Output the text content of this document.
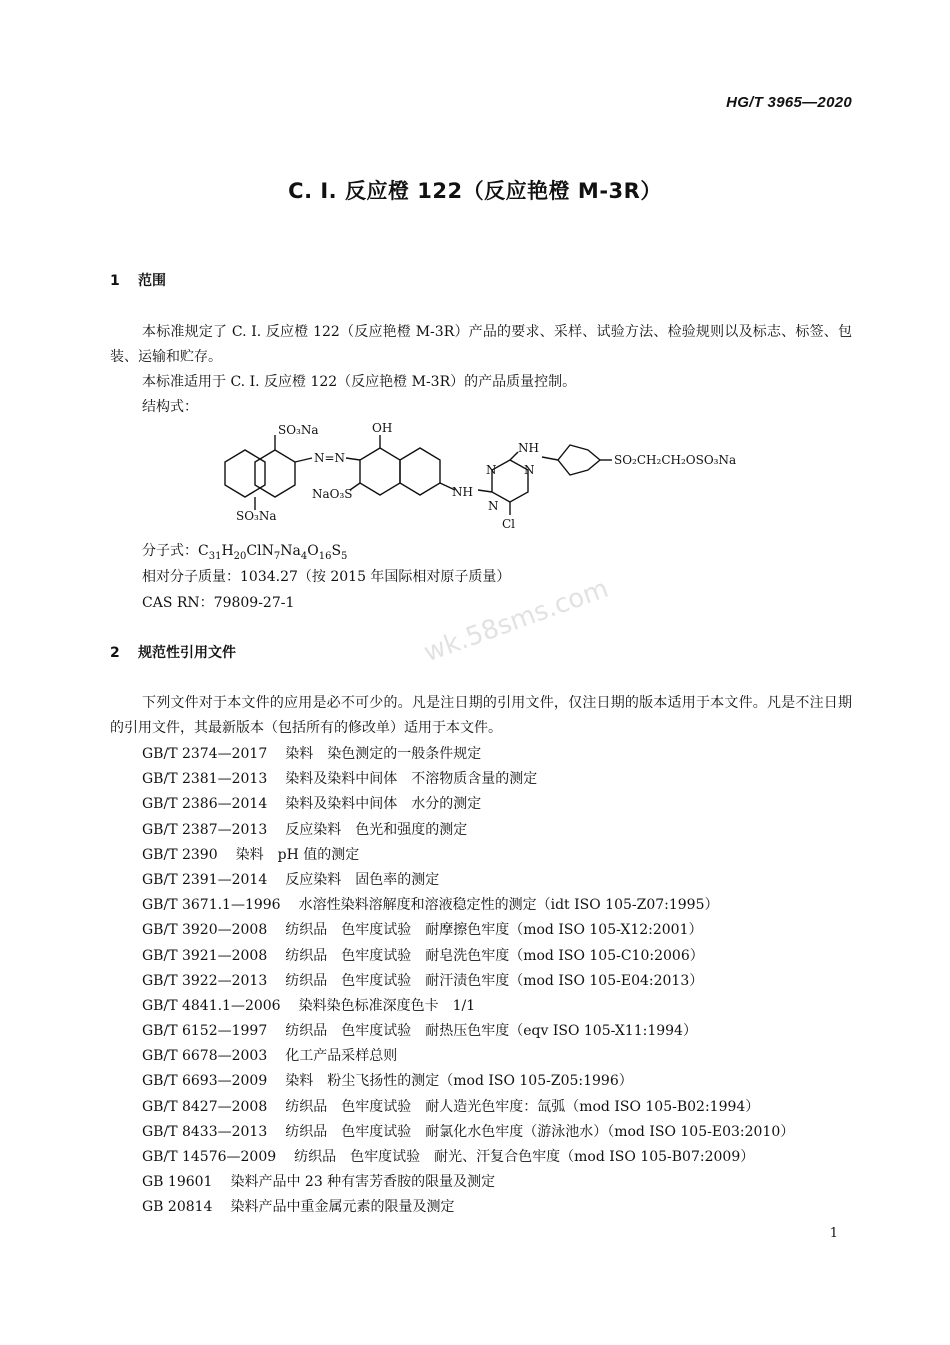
HG/T 3965—2020
C. I. 反应橙 122（反应艳橙 M-3R）
1 范围
本标准规定了 C. I. 反应橙 122（反应艳橙 M-3R）产品的要求、采样、试验方法、检验规则以及标志、标签、包装、运输和贮存。
本标准适用于 C. I. 反应橙 122（反应艳橙 M-3R）的产品质量控制。
结构式：
SO₃Na	OH
N=N
NH
SO₂CH₂CH₂OSO₃Na
NaO₃S	NH
SO₃Na
Cl
N N
N
分子式：$C_{31}H_{20}ClN_7Na_4O_{16}S_5$
相对分子质量：1034.27（按 2015 年国际相对原子质量）
CAS RN：79809-27-1
2 规范性引用文件
下列文件对于本文件的应用是必不可少的。凡是注日期的引用文件，仅注日期的版本适用于本文件。凡是不注日期的引用文件，其最新版本（包括所有的修改单）适用于本文件。
GB/T 2374—2017 染料　染色测定的一般条件规定
GB/T 2381—2013 染料及染料中间体　不溶物质含量的测定
GB/T 2386—2014 染料及染料中间体　水分的测定
GB/T 2387—2013 反应染料　色光和强度的测定
GB/T 2390 染料　pH 值的测定
GB/T 2391—2014 反应染料　固色率的测定
GB/T 3671.1—1996 水溶性染料溶解度和溶液稳定性的测定（idt ISO 105-Z07:1995）
GB/T 3920—2008 纺织品　色牢度试验　耐摩擦色牢度（mod ISO 105-X12:2001）
GB/T 3921—2008 纺织品　色牢度试验　耐皂洗色牢度（mod ISO 105-C10:2006）
GB/T 3922—2013 纺织品　色牢度试验　耐汗渍色牢度（mod ISO 105-E04:2013）
GB/T 4841.1—2006 染料染色标准深度色卡　1/1
GB/T 6152—1997 纺织品　色牢度试验　耐热压色牢度（eqv ISO 105-X11:1994）
GB/T 6678—2003 化工产品采样总则
GB/T 6693—2009 染料　粉尘飞扬性的测定（mod ISO 105-Z05:1996）
GB/T 8427—2008 纺织品　色牢度试验　耐人造光色牢度：氙弧（mod ISO 105-B02:1994）
GB/T 8433—2013 纺织品　色牢度试验　耐氯化水色牢度（游泳池水）（mod ISO 105-E03:2010）
GB/T 14576—2009 纺织品　色牢度试验　耐光、汗复合色牢度（mod ISO 105-B07:2009）
GB 19601 染料产品中 23 种有害芳香胺的限量及测定
GB 20814 染料产品中重金属元素的限量及测定
wk.58sms.com
1
